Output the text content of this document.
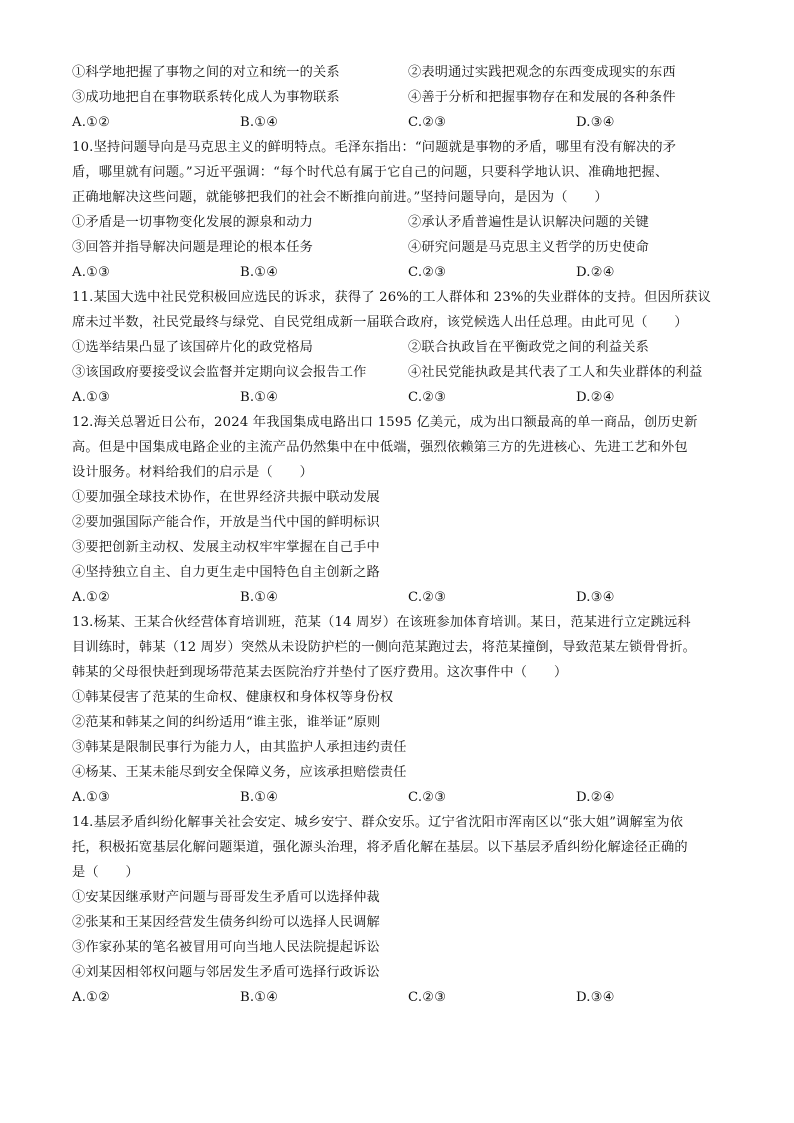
①科学地把握了事物之间的对立和统一的关系	②表明通过实践把观念的东西变成现实的东西
③成功地把自在事物联系转化成人为事物联系	④善于分析和把握事物存在和发展的各种条件
A.①②	B.①④	C.②③	D.③④
10.坚持问题导向是马克思主义的鲜明特点。毛泽东指出：“问题就是事物的矛盾，哪里有没有解决的矛
盾，哪里就有问题。”习近平强调：“每个时代总有属于它自己的问题，只要科学地认识、准确地把握、
正确地解决这些问题，就能够把我们的社会不断推向前进。”坚持问题导向，是因为（　　）
①矛盾是一切事物变化发展的源泉和动力	②承认矛盾普遍性是认识解决问题的关键
③回答并指导解决问题是理论的根本任务	④研究问题是马克思主义哲学的历史使命
A.①③	B.①④	C.②③	D.②④
11.某国大选中社民党积极回应选民的诉求，获得了 26%的工人群体和 23%的失业群体的支持。但因所获议
席未过半数，社民党最终与绿党、自民党组成新一届联合政府，该党候选人出任总理。由此可见（　　）
①选举结果凸显了该国碎片化的政党格局	②联合执政旨在平衡政党之间的利益关系
③该国政府要接受议会监督并定期向议会报告工作	④社民党能执政是其代表了工人和失业群体的利益
A.①③	B.①④	C.②③	D.②④
12.海关总署近日公布，2024 年我国集成电路出口 1595 亿美元，成为出口额最高的单一商品，创历史新
高。但是中国集成电路企业的主流产品仍然集中在中低端，强烈依赖第三方的先进核心、先进工艺和外包
设计服务。材料给我们的启示是（　　）
①要加强全球技术协作，在世界经济共振中联动发展
②要加强国际产能合作，开放是当代中国的鲜明标识
③要把创新主动权、发展主动权牢牢掌握在自己手中
④坚持独立自主、自力更生走中国特色自主创新之路
A.①②	B.①④	C.②③	D.③④
13.杨某、王某合伙经营体育培训班，范某（14 周岁）在该班参加体育培训。某日，范某进行立定跳远科
目训练时，韩某（12 周岁）突然从未设防护栏的一侧向范某跑过去，将范某撞倒，导致范某左锁骨骨折。
韩某的父母很快赶到现场带范某去医院治疗并垫付了医疗费用。这次事件中（　　）
①韩某侵害了范某的生命权、健康权和身体权等身份权
②范某和韩某之间的纠纷适用“谁主张，谁举证”原则
③韩某是限制民事行为能力人，由其监护人承担违约责任
④杨某、王某未能尽到安全保障义务，应该承担赔偿责任
A.①③	B.①④	C.②③	D.②④
14.基层矛盾纠纷化解事关社会安定、城乡安宁、群众安乐。辽宁省沈阳市浑南区以“张大姐”调解室为依
托，积极拓宽基层化解问题渠道，强化源头治理，将矛盾化解在基层。以下基层矛盾纠纷化解途径正确的
是（　　）
①安某因继承财产问题与哥哥发生矛盾可以选择仲裁
②张某和王某因经营发生债务纠纷可以选择人民调解
③作家孙某的笔名被冒用可向当地人民法院提起诉讼
④刘某因相邻权问题与邻居发生矛盾可选择行政诉讼
A.①②	B.①④	C.②③	D.③④
